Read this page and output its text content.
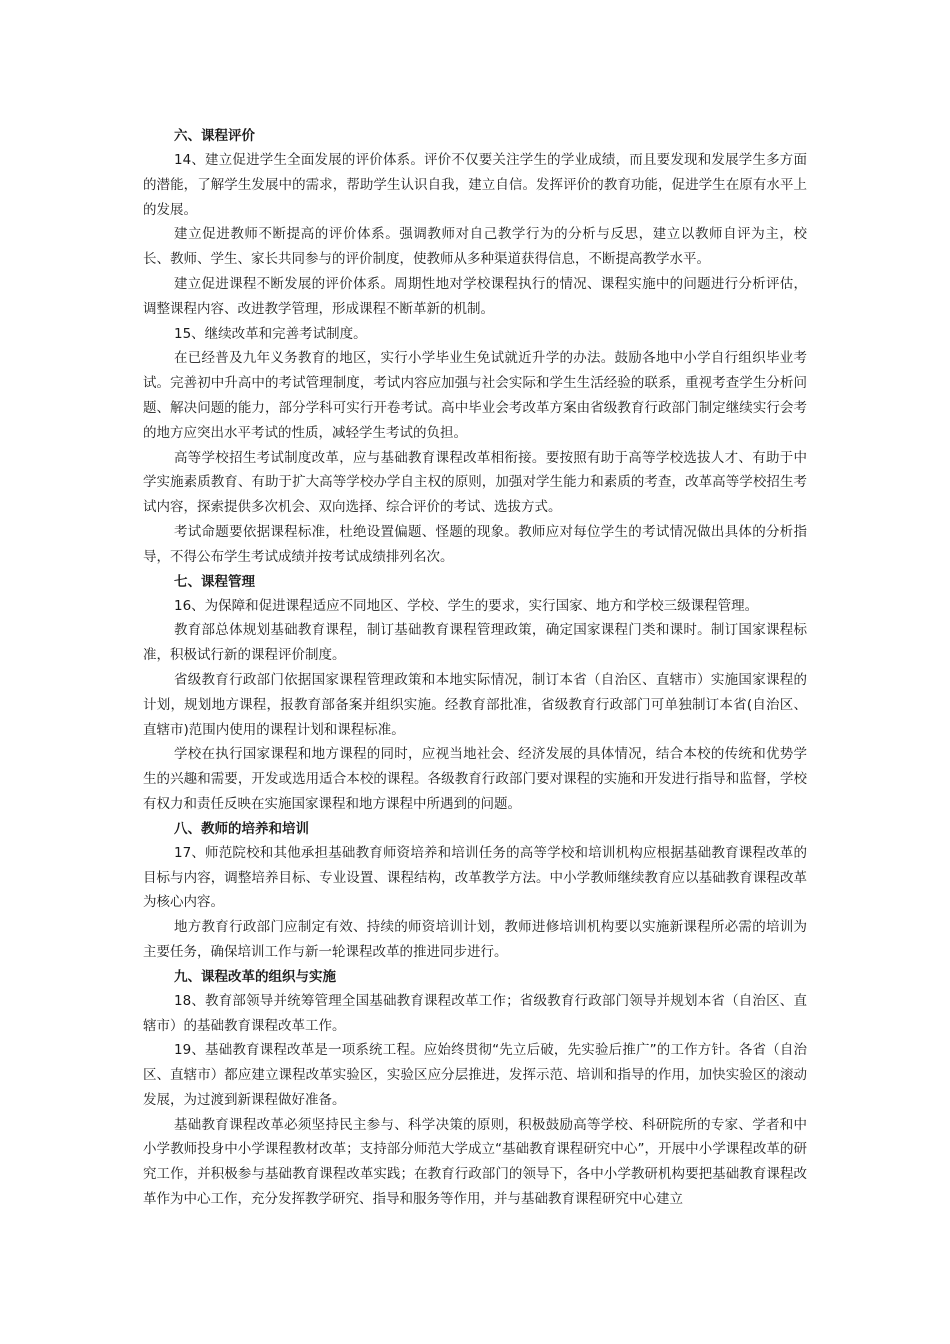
六、课程评价

14、建立促进学生全面发展的评价体系。评价不仅要关注学生的学业成绩，而且要发现和发展学生多方面的潜能，了解学生发展中的需求，帮助学生认识自我，建立自信。发挥评价的教育功能，促进学生在原有水平上的发展。

建立促进教师不断提高的评价体系。强调教师对自己教学行为的分析与反思，建立以教师自评为主，校长、教师、学生、家长共同参与的评价制度，使教师从多种渠道获得信息，不断提高教学水平。

建立促进课程不断发展的评价体系。周期性地对学校课程执行的情况、课程实施中的问题进行分析评估，调整课程内容、改进教学管理，形成课程不断革新的机制。

15、继续改革和完善考试制度。

在已经普及九年义务教育的地区，实行小学毕业生免试就近升学的办法。鼓励各地中小学自行组织毕业考试。完善初中升高中的考试管理制度，考试内容应加强与社会实际和学生生活经验的联系，重视考查学生分析问题、解决问题的能力，部分学科可实行开卷考试。高中毕业会考改革方案由省级教育行政部门制定继续实行会考的地方应突出水平考试的性质，减轻学生考试的负担。

高等学校招生考试制度改革，应与基础教育课程改革相衔接。要按照有助于高等学校选拔人才、有助于中学实施素质教育、有助于扩大高等学校办学自主权的原则，加强对学生能力和素质的考查，改革高等学校招生考试内容，探索提供多次机会、双向选择、综合评价的考试、选拔方式。

考试命题要依据课程标准，杜绝设置偏题、怪题的现象。教师应对每位学生的考试情况做出具体的分析指导，不得公布学生考试成绩并按考试成绩排列名次。

七、课程管理

16、为保障和促进课程适应不同地区、学校、学生的要求，实行国家、地方和学校三级课程管理。

教育部总体规划基础教育课程，制订基础教育课程管理政策，确定国家课程门类和课时。制订国家课程标准，积极试行新的课程评价制度。

省级教育行政部门依据国家课程管理政策和本地实际情况，制订本省（自治区、直辖市）实施国家课程的计划，规划地方课程，报教育部备案并组织实施。经教育部批准，省级教育行政部门可单独制订本省(自治区、直辖市)范围内使用的课程计划和课程标准。

学校在执行国家课程和地方课程的同时，应视当地社会、经济发展的具体情况，结合本校的传统和优势学生的兴趣和需要，开发或选用适合本校的课程。各级教育行政部门要对课程的实施和开发进行指导和监督，学校有权力和责任反映在实施国家课程和地方课程中所遇到的问题。

八、教师的培养和培训

17、师范院校和其他承担基础教育师资培养和培训任务的高等学校和培训机构应根据基础教育课程改革的目标与内容，调整培养目标、专业设置、课程结构，改革教学方法。中小学教师继续教育应以基础教育课程改革为核心内容。

地方教育行政部门应制定有效、持续的师资培训计划，教师进修培训机构要以实施新课程所必需的培训为主要任务，确保培训工作与新一轮课程改革的推进同步进行。

九、课程改革的组织与实施

18、教育部领导并统筹管理全国基础教育课程改革工作；省级教育行政部门领导并规划本省（自治区、直辖市）的基础教育课程改革工作。

19、基础教育课程改革是一项系统工程。应始终贯彻“先立后破，先实验后推广”的工作方针。各省（自治区、直辖市）都应建立课程改革实验区，实验区应分层推进，发挥示范、培训和指导的作用，加快实验区的滚动发展，为过渡到新课程做好准备。

基础教育课程改革必须坚持民主参与、科学决策的原则，积极鼓励高等学校、科研院所的专家、学者和中小学教师投身中小学课程教材改革；支持部分师范大学成立“基础教育课程研究中心”，开展中小学课程改革的研究工作，并积极参与基础教育课程改革实践；在教育行政部门的领导下，各中小学教研机构要把基础教育课程改革作为中心工作，充分发挥教学研究、指导和服务等作用，并与基础教育课程研究中心建立
